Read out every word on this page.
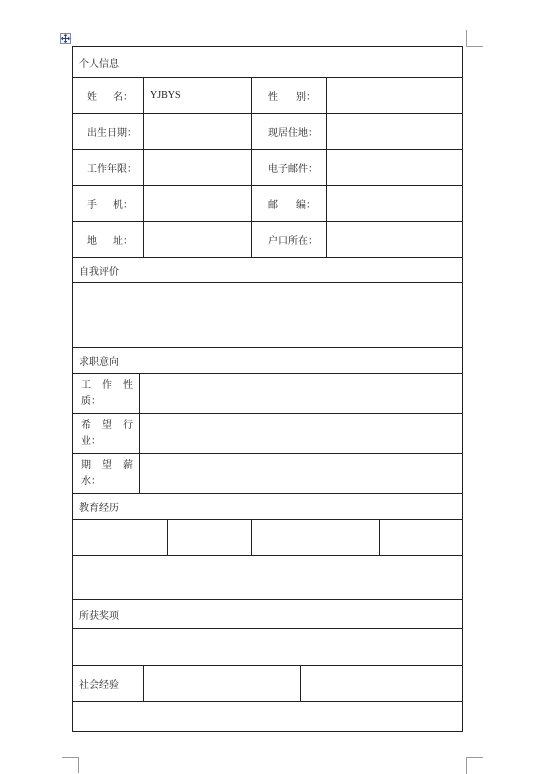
个人信息							

姓 名：		YJBYS		性 别：			

出生日期：				现居住地：			
工作年限：				电子邮件：			

手 机：				邮 编：			

地 址：				户口所在：			
自我评价							

求职意向							

工 作 性
质：							

希 望 行
业：							

期 望 薪
水：							

教育经历							

所获奖项							

社会经验							
